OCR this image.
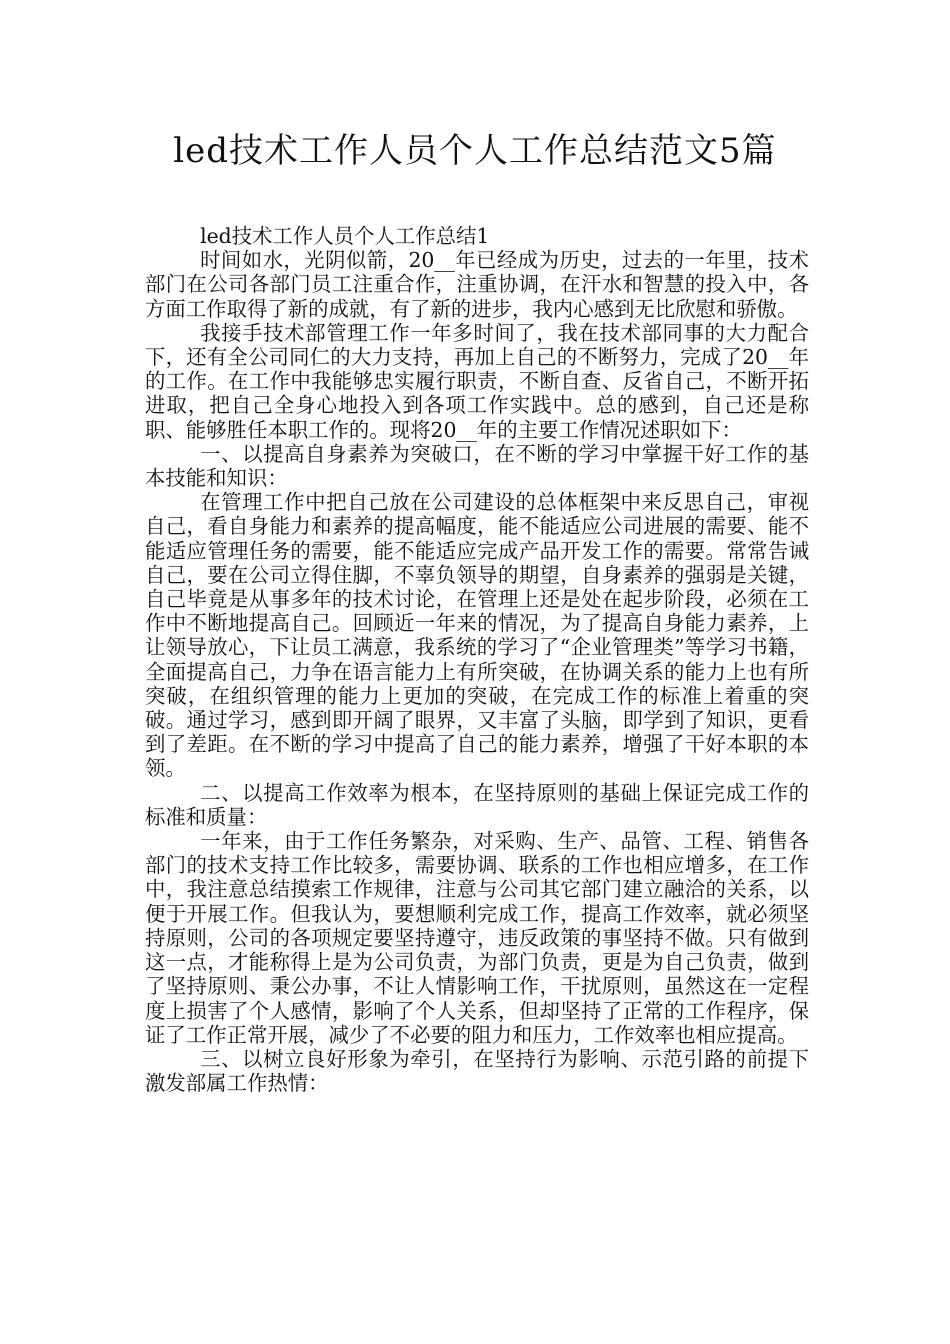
led技术工作人员个人工作总结范文5篇

led技术工作人员个人工作总结1

时间如水，光阴似箭，20__年已经成为历史，过去的一年里，技术部门在公司各部门员工注重合作，注重协调，在汗水和智慧的投入中，各方面工作取得了新的成就，有了新的进步，我内心感到无比欣慰和骄傲。

我接手技术部管理工作一年多时间了，我在技术部同事的大力配合下，还有全公司同仁的大力支持，再加上自己的不断努力，完成了20__年的工作。在工作中我能够忠实履行职责，不断自查、反省自己，不断开拓进取，把自己全身心地投入到各项工作实践中。总的感到，自己还是称职、能够胜任本职工作的。现将20__年的主要工作情况述职如下：

一、以提高自身素养为突破口，在不断的学习中掌握干好工作的基本技能和知识：

在管理工作中把自己放在公司建设的总体框架中来反思自己，审视自己，看自身能力和素养的提高幅度，能不能适应公司进展的需要、能不能适应管理任务的需要，能不能适应完成产品开发工作的需要。常常告诫自己，要在公司立得住脚，不辜负领导的期望，自身素养的强弱是关键，自己毕竟是从事多年的技术讨论，在管理上还是处在起步阶段，必须在工作中不断地提高自己。回顾近一年来的情况，为了提高自身能力素养，上让领导放心，下让员工满意，我系统的学习了“企业管理类”等学习书籍，全面提高自己，力争在语言能力上有所突破，在协调关系的能力上也有所突破，在组织管理的能力上更加的突破，在完成工作的标准上着重的突破。通过学习，感到即开阔了眼界，又丰富了头脑，即学到了知识，更看到了差距。在不断的学习中提高了自己的能力素养，增强了干好本职的本领。

二、以提高工作效率为根本，在坚持原则的基础上保证完成工作的标准和质量：

一年来，由于工作任务繁杂，对采购、生产、品管、工程、销售各部门的技术支持工作比较多，需要协调、联系的工作也相应增多，在工作中，我注意总结摸索工作规律，注意与公司其它部门建立融洽的关系，以便于开展工作。但我认为，要想顺利完成工作，提高工作效率，就必须坚持原则，公司的各项规定要坚持遵守，违反政策的事坚持不做。只有做到这一点，才能称得上是为公司负责，为部门负责，更是为自己负责，做到了坚持原则、秉公办事，不让人情影响工作，干扰原则，虽然这在一定程度上损害了个人感情，影响了个人关系，但却坚持了正常的工作程序，保证了工作正常开展，减少了不必要的阻力和压力，工作效率也相应提高。

三、以树立良好形象为牵引，在坚持行为影响、示范引路的前提下激发部属工作热情：
